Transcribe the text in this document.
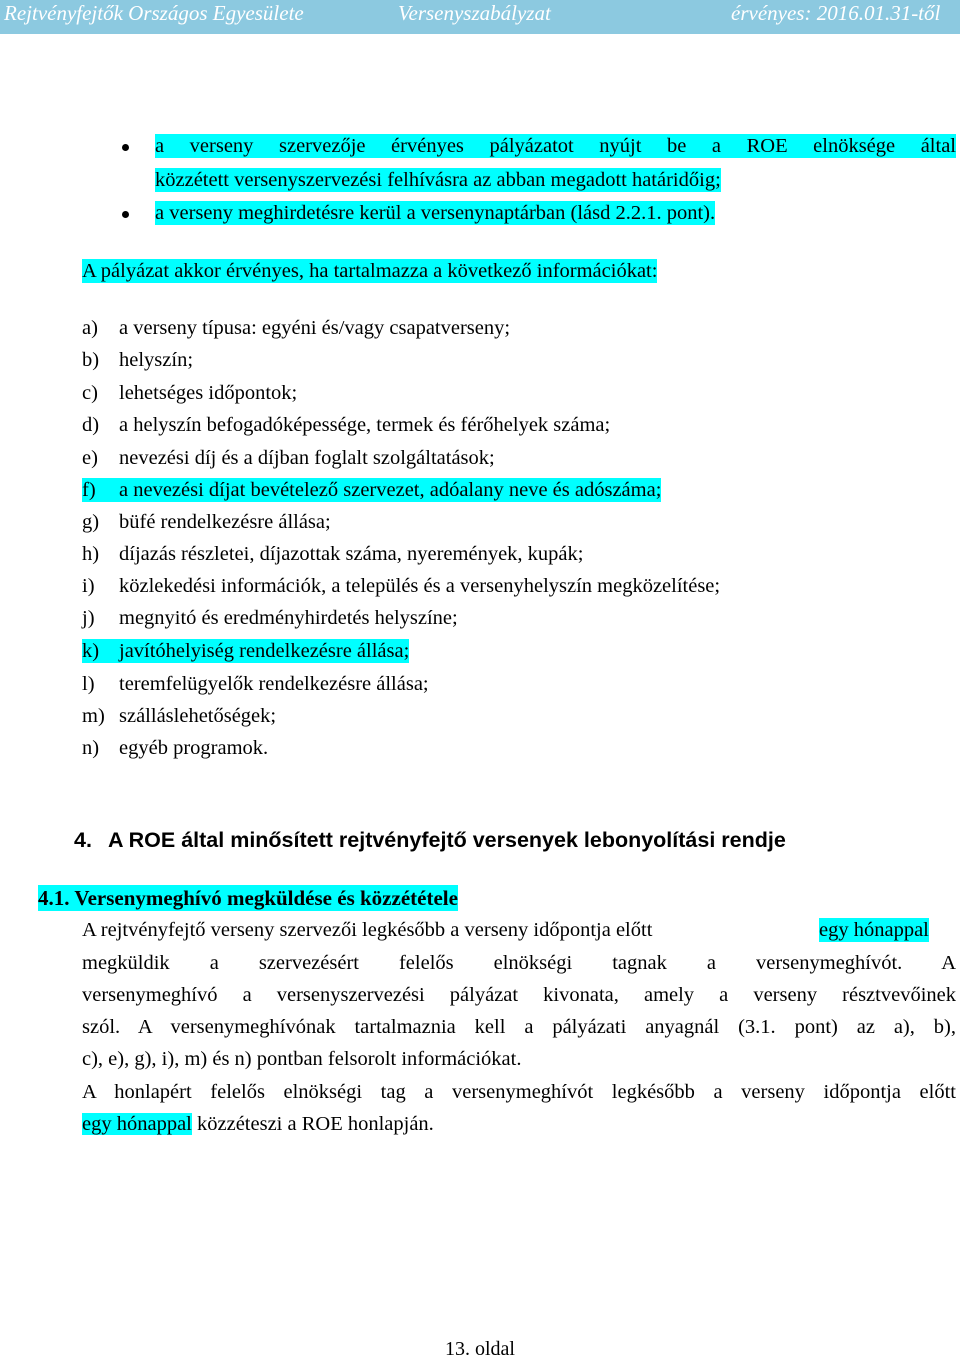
Rejtvényfejtők Országos Egyesülete	Versenyszabályzat	érvényes: 2016.01.31-től
a verseny szervezője érvényes pályázatot nyújt be a ROE elnöksége által
közzétett versenyszervezési felhívásra az abban megadott határidőig;
a verseny meghirdetésre kerül a versenynaptárban (lásd 2.2.1. pont).
A pályázat akkor érvényes, ha tartalmazza a következő információkat:
a) a verseny típusa: egyéni és/vagy csapatverseny;
b) helyszín;
c) lehetséges időpontok;
d) a helyszín befogadóképessége, termek és férőhelyek száma;
e) nevezési díj és a díjban foglalt szolgáltatások;
f)	a nevezési díjat bevételező szervezet, adóalany neve és adószáma;
g) büfé rendelkezésre állása;
h) díjazás részletei, díjazottak száma, nyeremények, kupák;
i) közlekedési információk, a település és a versenyhelyszín megközelítése;
j) megnyitó és eredményhirdetés helyszíne;
k) javítóhelyiség rendelkezésre állása;
l) teremfelügyelők rendelkezésre állása;
m) szálláslehetőségek;
n) egyéb programok.
4. A ROE által minősített rejtvényfejtő versenyek lebonyolítási rendje
4.1. Versenymeghívó megküldése és közzététele
A rejtvényfejtő verseny szervezői legkésőbb a verseny időpontja előtt	egy hónappal
megküldik a szervezésért felelős elnökségi tagnak a versenymeghívót. A
versenymeghívó a versenyszervezési pályázat kivonata, amely a verseny résztvevőinek
szól. A versenymeghívónak tartalmaznia kell a pályázati anyagnál (3.1. pont) az a), b),
c), e), g), i), m) és n) pontban felsorolt információkat.
A honlapért felelős elnökségi tag a versenymeghívót legkésőbb a verseny időpontja előtt
egy hónappal közzéteszi a ROE honlapján.
13. oldal
